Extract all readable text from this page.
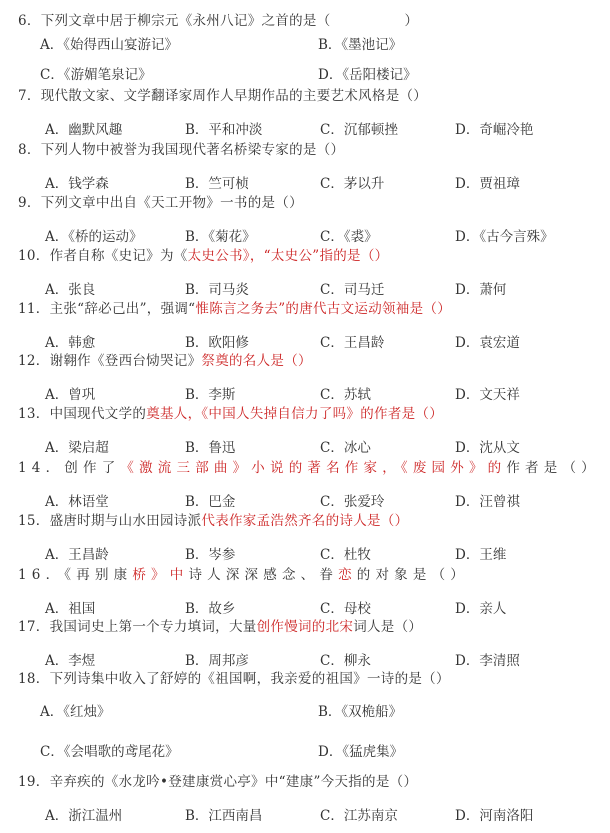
6．下列文章中居于柳宗元《永州八记》之首的是（	）
A．《始得西山宴游记》	B．《墨池记》
C．《游媚笔泉记》	D．《岳阳楼记》
7．现代散文家、文学翻译家周作人早期作品的主要艺术风格是（）
A．幽默风趣	B．平和冲淡	C．沉郁顿挫	D．奇崛冷艳
8．下列人物中被誉为我国现代著名桥梁专家的是（）
A．钱学森	B．竺可桢	C．茅以升	D．贾祖璋
9．下列文章中出自《天工开物》一书的是（）
A．《桥的运动》	B．《菊花》	C．《裘》	D．《古今言殊》
10．作者自称《史记》为《太史公书》，“太史公”指的是（）
A．张良	B．司马炎	C．司马迁	D．萧何
11．主张“辞必己出”，强调“惟陈言之务去”的唐代古文运动领袖是（）
A．韩愈	B．欧阳修	C．王昌龄	D．袁宏道
12．谢翱作《登西台恸哭记》祭奠的名人是（）
A．曾巩	B．李斯	C．苏轼	D．文天祥
13．中国现代文学的奠基人，《中国人失掉自信力了吗》的作者是（）
A．梁启超	B．鲁迅	C．冰心	D．沈从文
14．创作了《激流三部曲》小说的著名作家，《废园外》的作者是（）
A．林语堂	B．巴金	C．张爱玲	D．汪曾祺
15．盛唐时期与山水田园诗派代表作家孟浩然齐名的诗人是（）
A．王昌龄	B．岑参	C．杜牧	D．王维
16．《再别康桥》中诗人深深感念、眷恋的对象是（）
A．祖国	B．故乡	C．母校	D．亲人
17．我国词史上第一个专力填词，大量创作慢词的北宋词人是（）
A．李煜	B．周邦彦	C．柳永	D．李清照
18．下列诗集中收入了舒婷的《祖国啊，我亲爱的祖国》一诗的是（）
A．《红烛》	B．《双桅船》
C．《会唱歌的鸢尾花》	D．《猛虎集》
19．辛弃疾的《水龙吟•登建康赏心亭》中“建康”今天指的是（）
A．浙江温州	B．江西南昌	C．江苏南京	D．河南洛阳
